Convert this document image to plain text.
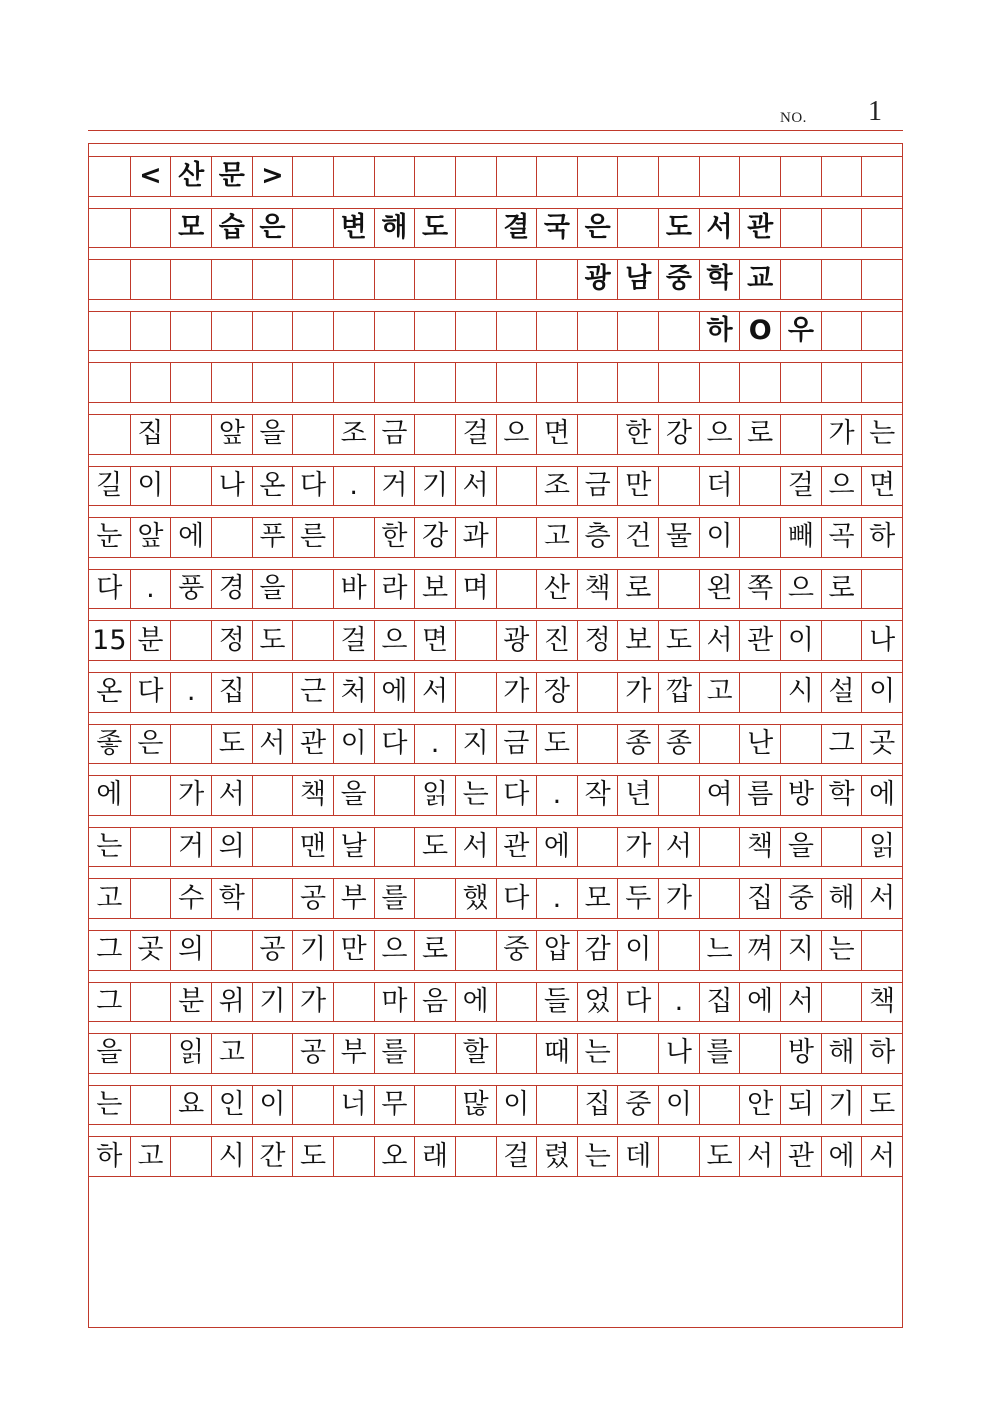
NO. 1
< 산 문 >
모 습 은 변 해 도 결 국 은 도 서 관
광 남 중 학 교
하 O 우
집 앞 을 조 금 걸 으 면 한 강 으 로 가 는
길 이 나 온 다 . 거 기 서 조 금 만 더 걸 으 면
눈 앞 에 푸 른 한 강 과 고 층 건 물 이 빼 곡 하
다 . 풍 경 을 바 라 보 며 산 책 로 왼 쪽 으 로
15 분 정 도 걸 으 면 광 진 정 보 도 서 관 이 나
온 다 . 집 근 처 에 서 가 장 가 깝 고 시 설 이
좋 은 도 서 관 이 다 . 지 금 도 종 종 난 그 곳
에 가 서 책 을 읽 는 다 . 작 년 여 름 방 학 에
는 거 의 맨 날 도 서 관 에 가 서 책 을 읽
고 수 학 공 부 를 했 다 . 모 두 가 집 중 해 서
그 곳 의 공 기 만 으 로 중 압 감 이 느 껴 지 는
그 분 위 기 가 마 음 에 들 었 다 . 집 에 서 책
을 읽 고 공 부 를 할 때 는 나 를 방 해 하
는 요 인 이 너 무 많 이 집 중 이 안 되 기 도
하 고 시 간 도 오 래 걸 렸 는 데 도 서 관 에 서
